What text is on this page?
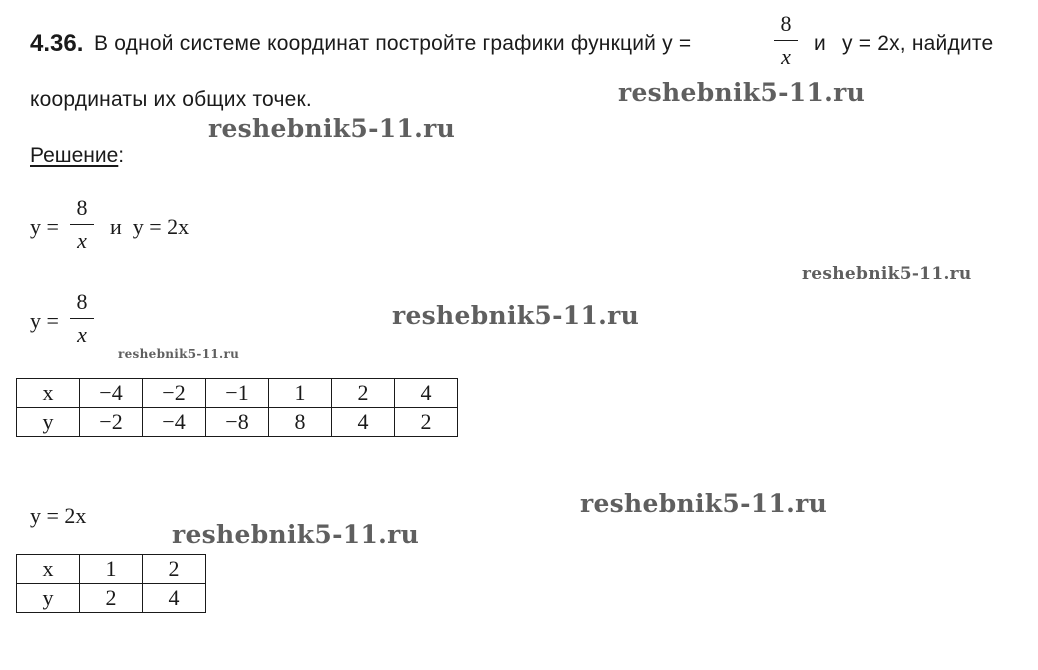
4.36. В одной системе координат постройте графики функций y =
8
x
и y = 2x, найдите
координаты их общих точек.
Решение:
y =
8
x
и  y = 2x
y =
8
x
x	−4	−2	−1	1	2	4
y	−2	−4	−8	8	4	2
y = 2x
x	1	2
y	2	4
reshebnik5-11.ru
reshebnik5-11.ru
reshebnik5-11.ru
reshebnik5-11.ru
reshebnik5-11.ru
reshebnik5-11.ru
reshebnik5-11.ru
